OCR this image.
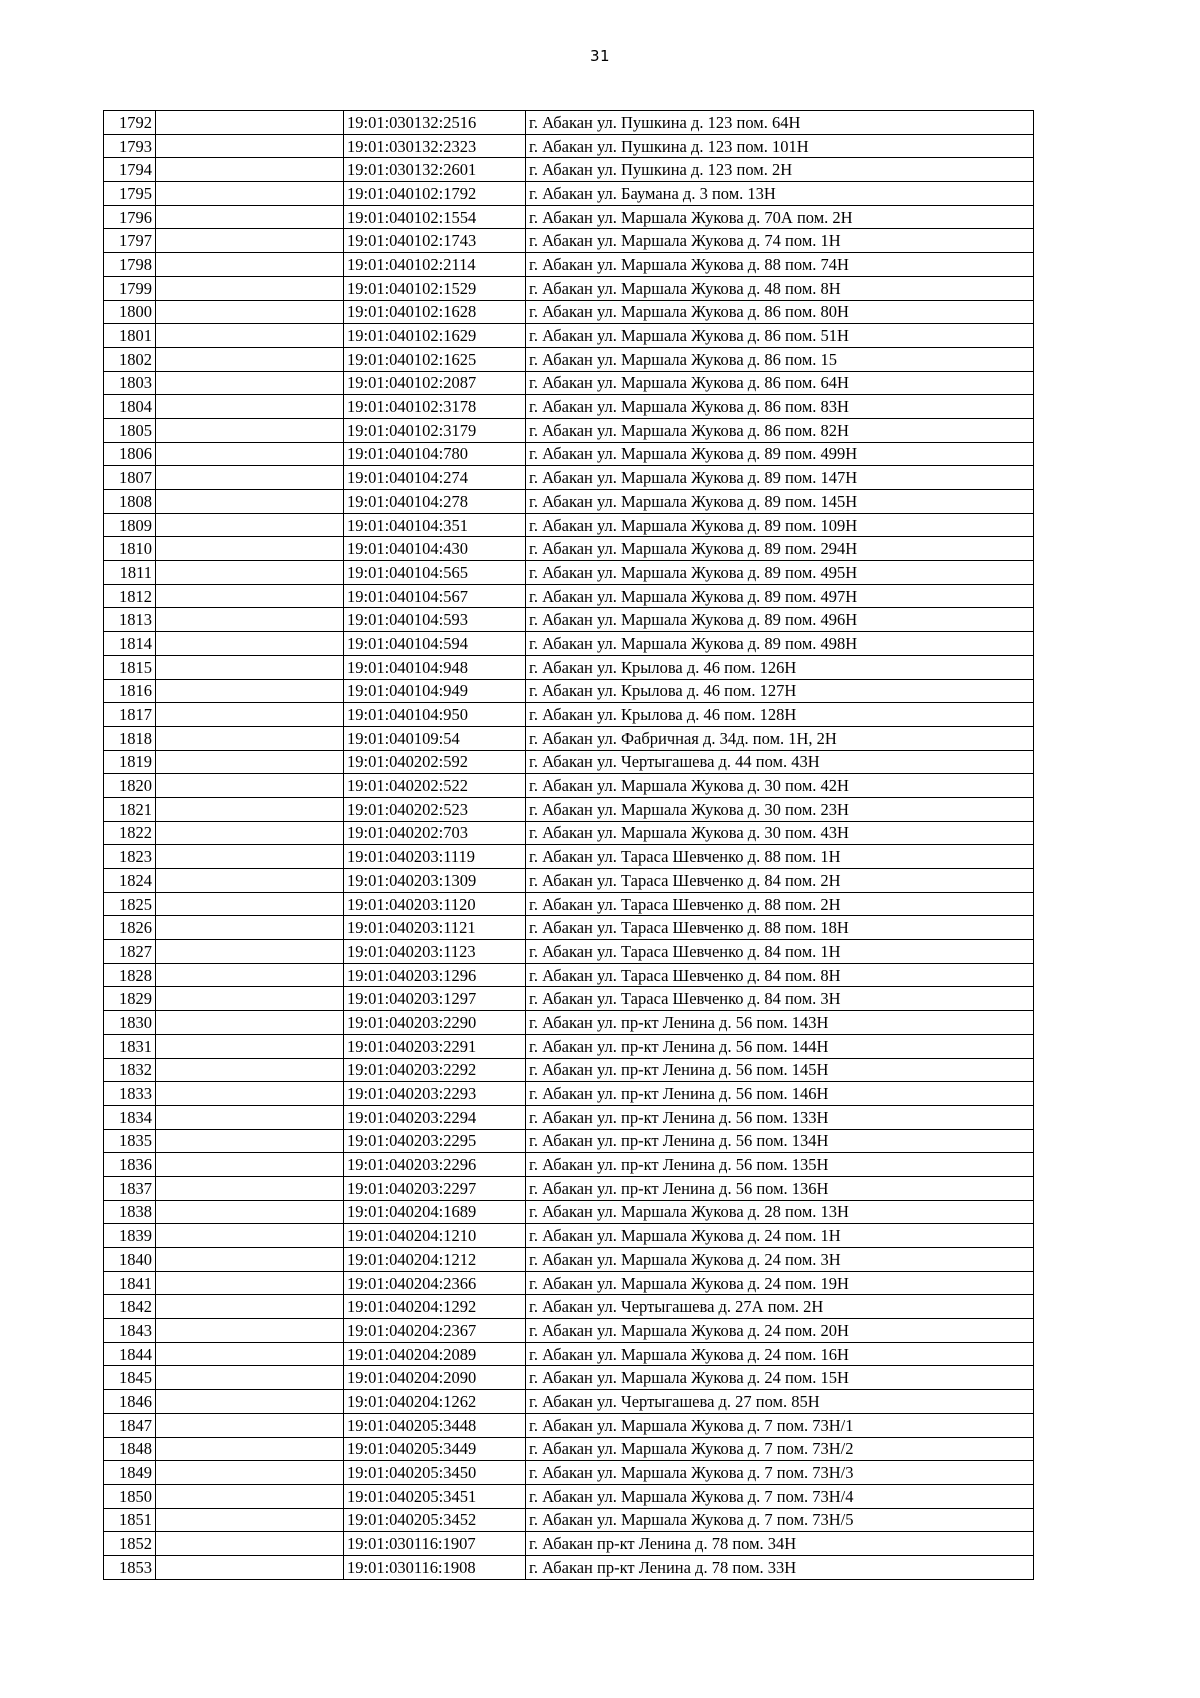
31
1792		19:01:030132:2516	г. Абакан ул. Пушкина д. 123 пом. 64Н
1793		19:01:030132:2323	г. Абакан ул. Пушкина д. 123 пом. 101Н
1794		19:01:030132:2601	г. Абакан ул. Пушкина д. 123 пом. 2Н
1795		19:01:040102:1792	г. Абакан ул. Баумана д. 3 пом. 13Н
1796		19:01:040102:1554	г. Абакан ул. Маршала Жукова д. 70А пом. 2Н
1797		19:01:040102:1743	г. Абакан ул. Маршала Жукова д. 74 пом. 1Н
1798		19:01:040102:2114	г. Абакан ул. Маршала Жукова д. 88 пом. 74Н
1799		19:01:040102:1529	г. Абакан ул. Маршала Жукова д. 48 пом. 8Н
1800		19:01:040102:1628	г. Абакан ул. Маршала Жукова д. 86 пом. 80Н
1801		19:01:040102:1629	г. Абакан ул. Маршала Жукова д. 86 пом. 51Н
1802		19:01:040102:1625	г. Абакан ул. Маршала Жукова д. 86 пом. 15
1803		19:01:040102:2087	г. Абакан ул. Маршала Жукова д. 86 пом. 64Н
1804		19:01:040102:3178	г. Абакан ул. Маршала Жукова д. 86 пом. 83Н
1805		19:01:040102:3179	г. Абакан ул. Маршала Жукова д. 86 пом. 82Н
1806		19:01:040104:780	г. Абакан ул. Маршала Жукова д. 89 пом. 499Н
1807		19:01:040104:274	г. Абакан ул. Маршала Жукова д. 89 пом. 147Н
1808		19:01:040104:278	г. Абакан ул. Маршала Жукова д. 89 пом. 145Н
1809		19:01:040104:351	г. Абакан ул. Маршала Жукова д. 89 пом. 109Н
1810		19:01:040104:430	г. Абакан ул. Маршала Жукова д. 89 пом. 294Н
1811		19:01:040104:565	г. Абакан ул. Маршала Жукова д. 89 пом. 495Н
1812		19:01:040104:567	г. Абакан ул. Маршала Жукова д. 89 пом. 497Н
1813		19:01:040104:593	г. Абакан ул. Маршала Жукова д. 89 пом. 496Н
1814		19:01:040104:594	г. Абакан ул. Маршала Жукова д. 89 пом. 498Н
1815		19:01:040104:948	г. Абакан ул. Крылова д. 46 пом. 126Н
1816		19:01:040104:949	г. Абакан ул. Крылова д. 46 пом. 127Н
1817		19:01:040104:950	г. Абакан ул. Крылова д. 46 пом. 128Н
1818		19:01:040109:54	г. Абакан ул. Фабричная д. 34д. пом. 1Н, 2Н
1819		19:01:040202:592	г. Абакан ул. Чертыгашева д. 44 пом. 43Н
1820		19:01:040202:522	г. Абакан ул. Маршала Жукова д. 30 пом. 42Н
1821		19:01:040202:523	г. Абакан ул. Маршала Жукова д. 30 пом. 23Н
1822		19:01:040202:703	г. Абакан ул. Маршала Жукова д. 30 пом. 43Н
1823		19:01:040203:1119	г. Абакан ул. Тараса Шевченко д. 88 пом. 1Н
1824		19:01:040203:1309	г. Абакан ул. Тараса Шевченко д. 84 пом. 2Н
1825		19:01:040203:1120	г. Абакан ул. Тараса Шевченко д. 88 пом. 2Н
1826		19:01:040203:1121	г. Абакан ул. Тараса Шевченко д. 88 пом. 18Н
1827		19:01:040203:1123	г. Абакан ул. Тараса Шевченко д. 84 пом. 1Н
1828		19:01:040203:1296	г. Абакан ул. Тараса Шевченко д. 84 пом. 8Н
1829		19:01:040203:1297	г. Абакан ул. Тараса Шевченко д. 84 пом. 3Н
1830		19:01:040203:2290	г. Абакан ул. пр-кт Ленина д. 56 пом. 143Н
1831		19:01:040203:2291	г. Абакан ул. пр-кт Ленина д. 56 пом. 144Н
1832		19:01:040203:2292	г. Абакан ул. пр-кт Ленина д. 56 пом. 145Н
1833		19:01:040203:2293	г. Абакан ул. пр-кт Ленина д. 56 пом. 146Н
1834		19:01:040203:2294	г. Абакан ул. пр-кт Ленина д. 56 пом. 133Н
1835		19:01:040203:2295	г. Абакан ул. пр-кт Ленина д. 56 пом. 134Н
1836		19:01:040203:2296	г. Абакан ул. пр-кт Ленина д. 56 пом. 135Н
1837		19:01:040203:2297	г. Абакан ул. пр-кт Ленина д. 56 пом. 136Н
1838		19:01:040204:1689	г. Абакан ул. Маршала Жукова д. 28 пом. 13Н
1839		19:01:040204:1210	г. Абакан ул. Маршала Жукова д. 24 пом. 1Н
1840		19:01:040204:1212	г. Абакан ул. Маршала Жукова д. 24 пом. 3Н
1841		19:01:040204:2366	г. Абакан ул. Маршала Жукова д. 24 пом. 19Н
1842		19:01:040204:1292	г. Абакан ул. Чертыгашева д. 27А пом. 2Н
1843		19:01:040204:2367	г. Абакан ул. Маршала Жукова д. 24 пом. 20Н
1844		19:01:040204:2089	г. Абакан ул. Маршала Жукова д. 24 пом. 16Н
1845		19:01:040204:2090	г. Абакан ул. Маршала Жукова д. 24 пом. 15Н
1846		19:01:040204:1262	г. Абакан ул. Чертыгашева д. 27 пом. 85Н
1847		19:01:040205:3448	г. Абакан ул. Маршала Жукова д. 7 пом. 73Н/1
1848		19:01:040205:3449	г. Абакан ул. Маршала Жукова д. 7 пом. 73Н/2
1849		19:01:040205:3450	г. Абакан ул. Маршала Жукова д. 7 пом. 73Н/3
1850		19:01:040205:3451	г. Абакан ул. Маршала Жукова д. 7 пом. 73Н/4
1851		19:01:040205:3452	г. Абакан ул. Маршала Жукова д. 7 пом. 73Н/5
1852		19:01:030116:1907	г. Абакан пр-кт Ленина д. 78 пом. 34Н
1853		19:01:030116:1908	г. Абакан пр-кт Ленина д. 78 пом. 33Н
